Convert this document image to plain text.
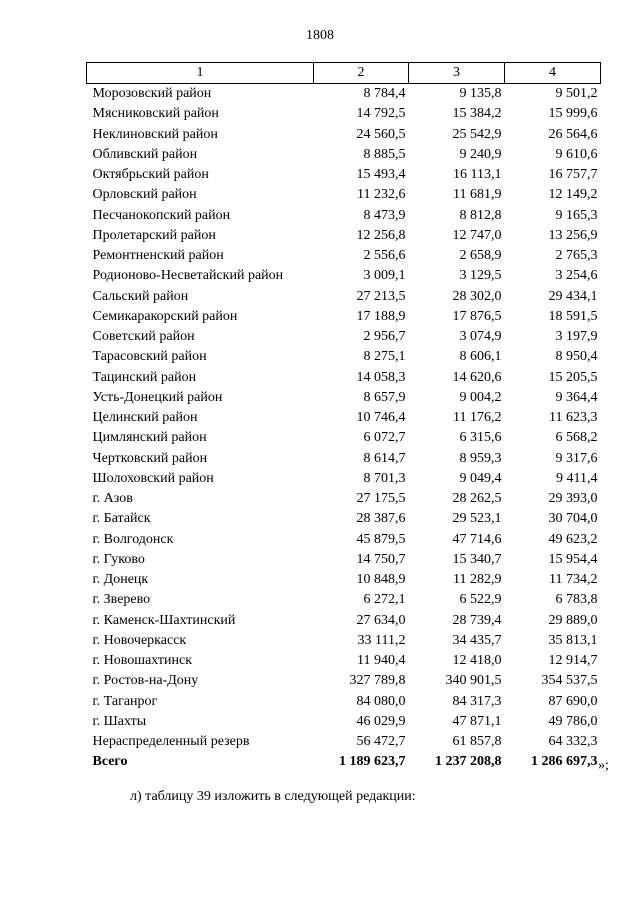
1808
1	2	3	4
Морозовский район	8 784,4	9 135,8	9 501,2
Мясниковский район	14 792,5	15 384,2	15 999,6
Неклиновский район	24 560,5	25 542,9	26 564,6
Обливский район	8 885,5	9 240,9	9 610,6
Октябрьский район	15 493,4	16 113,1	16 757,7
Орловский район	11 232,6	11 681,9	12 149,2
Песчанокопский район	8 473,9	8 812,8	9 165,3
Пролетарский район	12 256,8	12 747,0	13 256,9
Ремонтненский район	2 556,6	2 658,9	2 765,3
Родионово-Несветайский район	3 009,1	3 129,5	3 254,6
Сальский район	27 213,5	28 302,0	29 434,1
Семикаракорский район	17 188,9	17 876,5	18 591,5
Советский район	2 956,7	3 074,9	3 197,9
Тарасовский район	8 275,1	8 606,1	8 950,4
Тацинский район	14 058,3	14 620,6	15 205,5
Усть-Донецкий район	8 657,9	9 004,2	9 364,4
Целинский район	10 746,4	11 176,2	11 623,3
Цимлянский район	6 072,7	6 315,6	6 568,2
Чертковский район	8 614,7	8 959,3	9 317,6
Шолоховский район	8 701,3	9 049,4	9 411,4
г. Азов	27 175,5	28 262,5	29 393,0
г. Батайск	28 387,6	29 523,1	30 704,0
г. Волгодонск	45 879,5	47 714,6	49 623,2
г. Гуково	14 750,7	15 340,7	15 954,4
г. Донецк	10 848,9	11 282,9	11 734,2
г. Зверево	6 272,1	6 522,9	6 783,8
г. Каменск-Шахтинский	27 634,0	28 739,4	29 889,0
г. Новочеркасск	33 111,2	34 435,7	35 813,1
г. Новошахтинск	11 940,4	12 418,0	12 914,7
г. Ростов-на-Дону	327 789,8	340 901,5	354 537,5
г. Таганрог	84 080,0	84 317,3	87 690,0
г. Шахты	46 029,9	47 871,1	49 786,0
Нераспределенный резерв	56 472,7	61 857,8	64 332,3
Всего	1 189 623,7	1 237 208,8	1 286 697,3 »;
л) таблицу 39 изложить в следующей редакции:
